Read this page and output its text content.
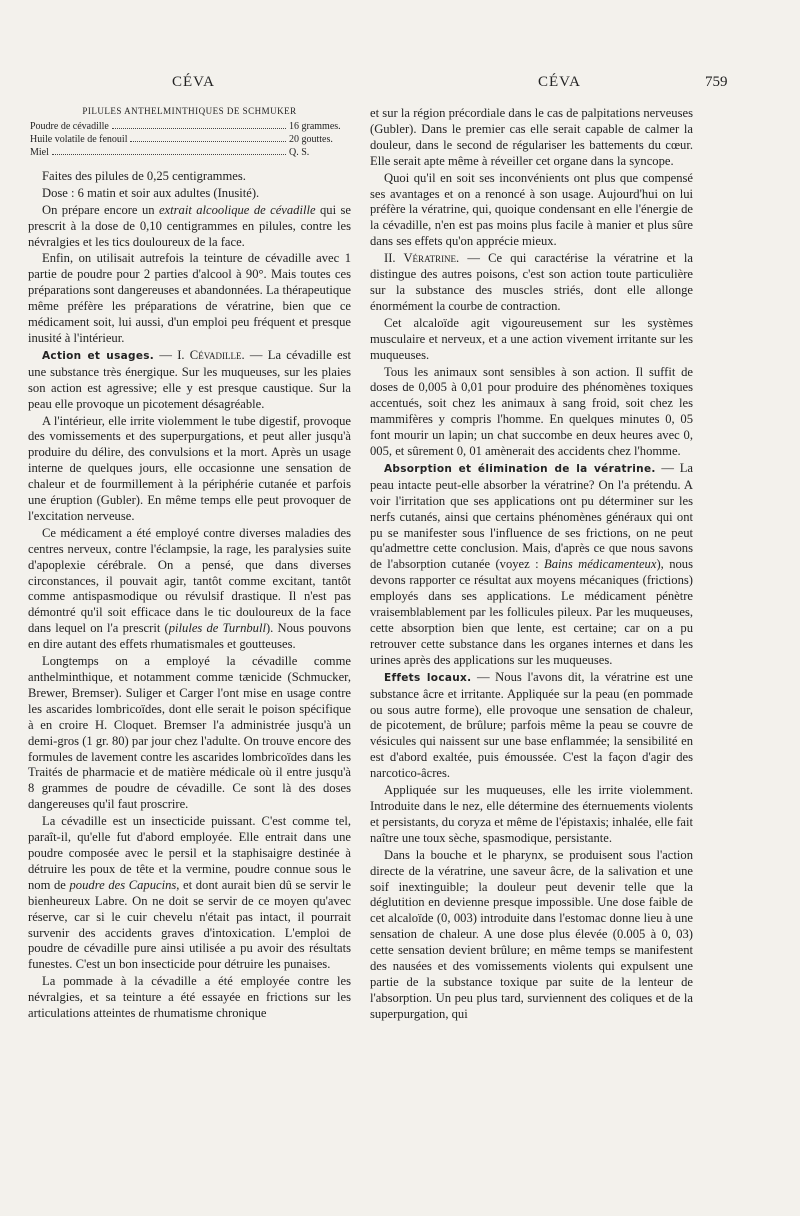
CÉVA	CÉVA	759

PILULES ANTHELMINTHIQUES DE SCHMUKER

Poudre de cévadille	16 grammes.
Huile volatile de fenouil	20 gouttes.
Miel	Q. S.

Faites des pilules de 0,25 centigrammes.

Dose : 6 matin et soir aux adultes (Inusité).

On prépare encore un extrait alcoolique de cévadille qui se prescrit à la dose de 0,10 centigrammes en pilules, contre les névralgies et les tics douloureux de la face.

Enfin, on utilisait autrefois la teinture de cévadille avec 1 partie de poudre pour 2 parties d'alcool à 90°. Mais toutes ces préparations sont dangereuses et abandonnées. La thérapeutique même préfère les préparations de vératrine, bien que ce médicament soit, lui aussi, d'un emploi peu fréquent et presque inusité à l'intérieur.

Action et usages. — I. Cévadille. — La cévadille est une substance très énergique. Sur les muqueuses, sur les plaies son action est agressive; elle y est presque caustique. Sur la peau elle provoque un picotement désagréable.

A l'intérieur, elle irrite violemment le tube digestif, provoque des vomissements et des superpurgations, et peut aller jusqu'à produire du délire, des convulsions et la mort. Après un usage interne de quelques jours, elle occasionne une sensation de chaleur et de fourmillement à la périphérie cutanée et parfois une éruption (Gubler). En même temps elle peut provoquer de l'excitation nerveuse.

Ce médicament a été employé contre diverses maladies des centres nerveux, contre l'éclampsie, la rage, les paralysies suite d'apoplexie cérébrale. On a pensé, que dans diverses circonstances, il pouvait agir, tantôt comme excitant, tantôt comme antispasmodique ou révulsif drastique. Il n'est pas démontré qu'il soit efficace dans le tic douloureux de la face dans lequel on l'a prescrit (pilules de Turnbull). Nous pouvons en dire autant des effets rhumatismales et goutteuses.

Longtemps on a employé la cévadille comme anthelminthique, et notamment comme tænicide (Schmucker, Brewer, Bremser). Suliger et Carger l'ont mise en usage contre les ascarides lombricoïdes, dont elle serait le poison spécifique à en croire H. Cloquet. Bremser l'a administrée jusqu'à un demi-gros (1 gr. 80) par jour chez l'adulte. On trouve encore des formules de lavement contre les ascarides lombricoïdes dans les Traités de pharmacie et de matière médicale où il entre jusqu'à 8 grammes de poudre de cévadille. Ce sont là des doses dangereuses qu'il faut proscrire.

La cévadille est un insecticide puissant. C'est comme tel, paraît-il, qu'elle fut d'abord employée. Elle entrait dans une poudre composée avec le persil et la staphisaigre destinée à détruire les poux de tête et la vermine, poudre connue sous le nom de poudre des Capucins, et dont aurait bien dû se servir le bienheureux Labre. On ne doit se servir de ce moyen qu'avec réserve, car si le cuir chevelu n'était pas intact, il pourrait survenir des accidents graves d'intoxication. L'emploi de poudre de cévadille pure ainsi utilisée a pu avoir des résultats funestes. C'est un bon insecticide pour détruire les punaises.

La pommade à la cévadille a été employée contre les névralgies, et sa teinture a été essayée en frictions sur les articulations atteintes de rhumatisme chronique

et sur la région précordiale dans le cas de palpitations nerveuses (Gubler). Dans le premier cas elle serait capable de calmer la douleur, dans le second de régulariser les battements du cœur. Elle serait apte même à réveiller cet organe dans la syncope.

Quoi qu'il en soit ses inconvénients ont plus que compensé ses avantages et on a renoncé à son usage. Aujourd'hui on lui préfère la vératrine, qui, quoique condensant en elle l'énergie de la cévadille, n'en est pas moins plus facile à manier et plus sûre dans ses effets qu'on apprécie mieux.

II. Vératrine. — Ce qui caractérise la vératrine et la distingue des autres poisons, c'est son action toute particulière sur la substance des muscles striés, dont elle allonge énormément la courbe de contraction.

Cet alcaloïde agit vigoureusement sur les systèmes musculaire et nerveux, et a une action vivement irritante sur les muqueuses.

Tous les animaux sont sensibles à son action. Il suffit de doses de 0,005 à 0,01 pour produire des phénomènes toxiques accentués, soit chez les animaux à sang froid, soit chez les mammifères y compris l'homme. En quelques minutes 0, 05 font mourir un lapin; un chat succombe en deux heures avec 0, 005, et sûrement 0, 01 amènerait des accidents chez l'homme.

Absorption et élimination de la vératrine. — La peau intacte peut-elle absorber la vératrine? On l'a prétendu. A voir l'irritation que ses applications ont pu déterminer sur les nerfs cutanés, ainsi que certains phénomènes généraux qui ont pu se manifester sous l'influence de ses frictions, on ne peut qu'admettre cette conclusion. Mais, d'après ce que nous savons de l'absorption cutanée (voyez : Bains médicamenteux), nous devons rapporter ce résultat aux moyens mécaniques (frictions) employés dans ses applications. Le médicament pénètre vraisemblablement par les follicules pileux. Par les muqueuses, cette absorption bien que lente, est certaine; car on a pu retrouver cette substance dans les organes internes et dans les urines après des applications sur les muqueuses.

Effets locaux. — Nous l'avons dit, la vératrine est une substance âcre et irritante. Appliquée sur la peau (en pommade ou sous autre forme), elle provoque une sensation de chaleur, de picotement, de brûlure; parfois même la peau se couvre de vésicules qui naissent sur une base enflammée; la sensibilité en est d'abord exaltée, puis émoussée. C'est la façon d'agir des narcotico-âcres.

Appliquée sur les muqueuses, elle les irrite violemment. Introduite dans le nez, elle détermine des éternuements violents et persistants, du coryza et même de l'épistaxis; inhalée, elle fait naître une toux sèche, spasmodique, persistante.

Dans la bouche et le pharynx, se produisent sous l'action directe de la vératrine, une saveur âcre, de la salivation et une soif inextinguible; la douleur peut devenir telle que la déglutition en devienne presque impossible. Une dose faible de cet alcaloïde (0, 003) introduite dans l'estomac donne lieu à une sensation de chaleur. A une dose plus élevée (0.005 à 0, 03) cette sensation devient brûlure; en même temps se manifestent des nausées et des vomissements violents qui expulsent une partie de la substance toxique par suite de la lenteur de l'absorption. Un peu plus tard, surviennent des coliques et de la superpurgation, qui
